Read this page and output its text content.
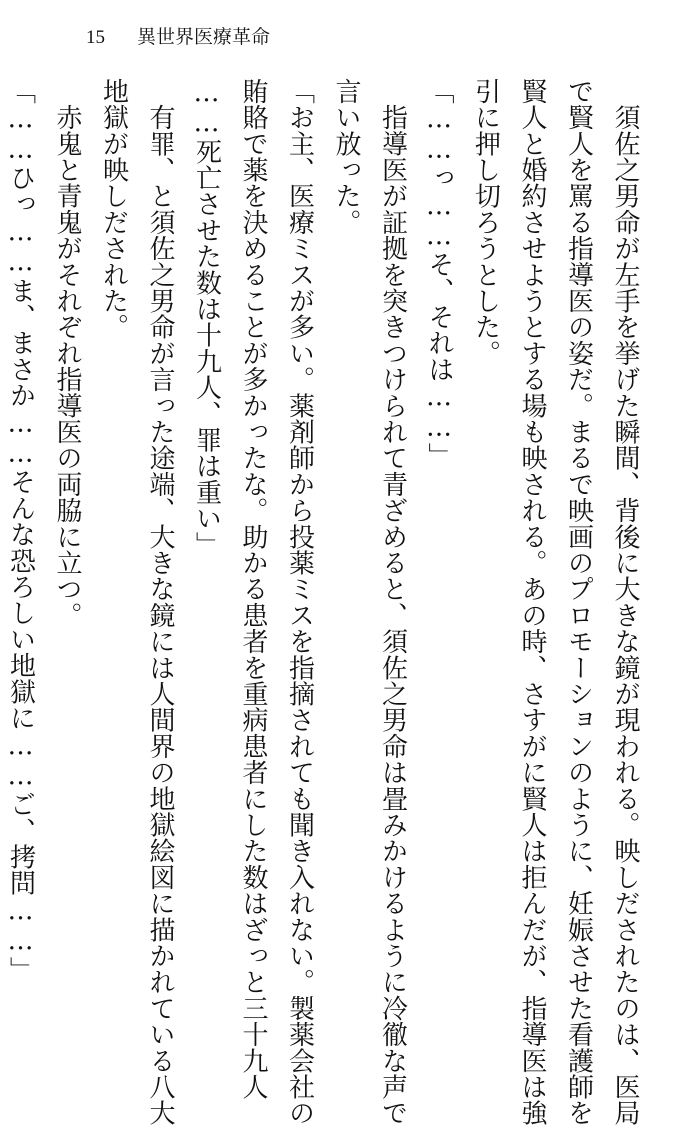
15 異世界医療革命
　須佐之男命が左手を挙げた瞬間、背後に大きな鏡が現われる。映しだされたのは、医局
で賢人を罵る指導医の姿だ。まるで映画のプロモーションのように、妊娠させた看護師を
賢人と婚約させようとする場も映される。あの時、さすがに賢人は拒んだが、指導医は強
引に押し切ろうとした。
「……っ……そ、それは……」
　指導医が証拠を突きつけられて青ざめると、須佐之男命は畳みかけるように冷徹な声で
言い放った。
「お主、医療ミスが多い。薬剤師から投薬ミスを指摘されても聞き入れない。製薬会社の
賄賂で薬を決めることが多かったな。助かる患者を重病患者にした数はざっと三十九人
……死亡させた数は十九人、罪は重い」
　有罪、と須佐之男命が言った途端、大きな鏡には人間界の地獄絵図に描かれている八大
地獄が映しだされた。
　赤鬼と青鬼がそれぞれ指導医の両脇に立つ。
「……ひっ……ま、まさか……そんな恐ろしい地獄に……ご、拷問……」
